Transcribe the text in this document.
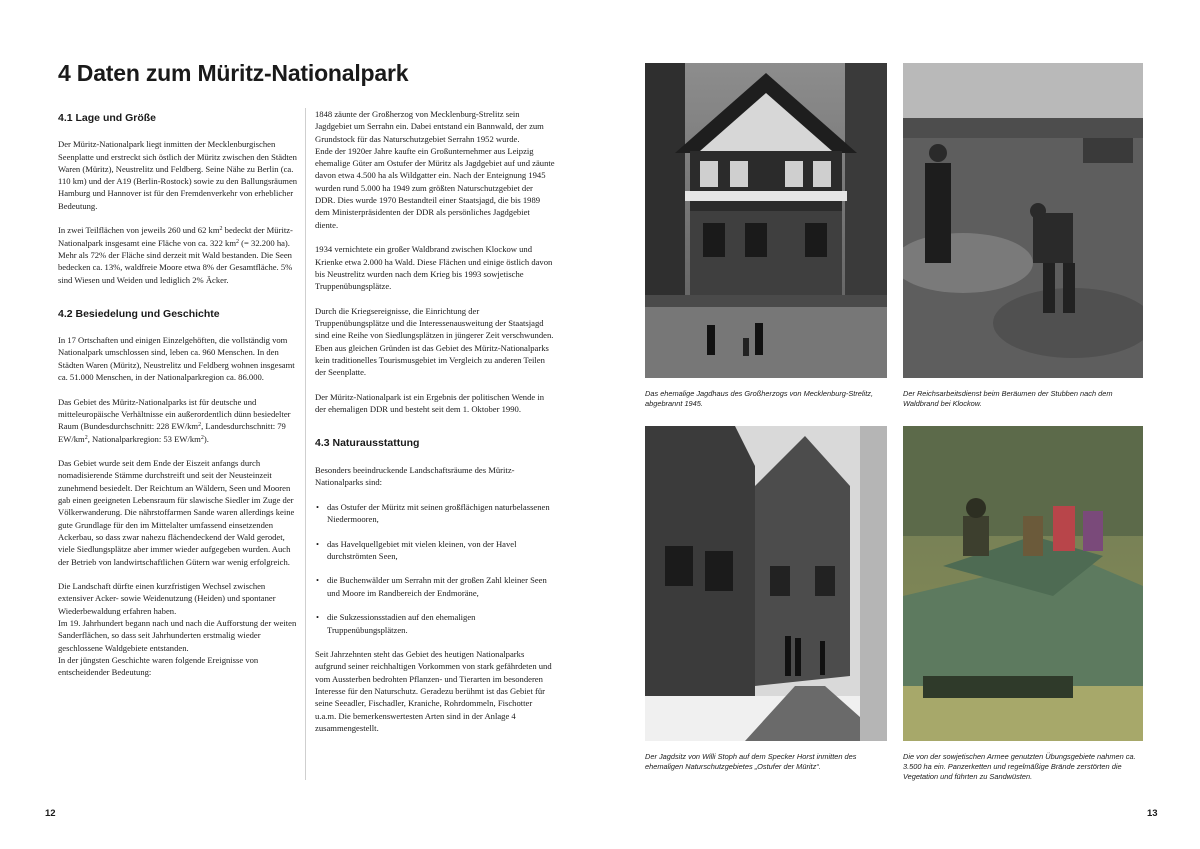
4 Daten zum Müritz-Nationalpark
4.1 Lage und Größe

Der Müritz-Nationalpark liegt inmitten der Mecklenburgischen Seenplatte und erstreckt sich östlich der Müritz zwischen den Städten Waren (Müritz), Neustrelitz und Feldberg. Seine Nähe zu Berlin (ca. 110 km) und der A19 (Berlin-Rostock) sowie zu den Ballungsräumen Hamburg und Hannover ist für den Fremdenverkehr von erheblicher Bedeutung.

In zwei Teilflächen von jeweils 260 und 62 $km^2$ bedeckt der Müritz-Nationalpark insgesamt eine Fläche von ca. 322 $km^2$ (= 32.200 ha). Mehr als 72% der Fläche sind derzeit mit Wald bestanden. Die Seen bedecken ca. 13%, waldfreie Moore etwa 8% der Gesamtfläche. 5% sind Wiesen und Weiden und lediglich 2% Äcker.

4.2 Besiedelung und Geschichte

In 17 Ortschaften und einigen Einzelgehöften, die vollständig vom Nationalpark umschlossen sind, leben ca. 960 Menschen. In den Städten Waren (Müritz), Neustrelitz und Feldberg wohnen insgesamt ca. 51.000 Menschen, in der Nationalparkregion ca. 86.000.

Das Gebiet des Müritz-Nationalparks ist für deutsche und mitteleuropäische Verhältnisse ein außerordentlich dünn besiedelter Raum (Bundesdurchschnitt: 228 $EW/km^2$, Landesdurchschnitt: 79 $EW/km^2$, Nationalparkregion: 53 $EW/km^2$).

Das Gebiet wurde seit dem Ende der Eiszeit anfangs durch nomadisierende Stämme durchstreift und seit der Neusteinzeit zunehmend besiedelt. Der Reichtum an Wäldern, Seen und Mooren gab einen geeigneten Lebensraum für slawische Siedler im Zuge der Völkerwanderung. Die nährstoffarmen Sande waren allerdings keine gute Grundlage für den im Mittelalter umfassend einsetzenden Ackerbau, so dass zwar nahezu flächendeckend der Wald gerodet, viele Siedlungsplätze aber immer wieder aufgegeben wurden. Auch der Betrieb von landwirtschaftlichen Gütern war wenig erfolgreich.

Die Landschaft dürfte einen kurzfristigen Wechsel zwischen extensiver Acker- sowie Weidenutzung (Heiden) und spontaner Wiederbewaldung erfahren haben.
Im 19. Jahrhundert begann nach und nach die Aufforstung der weiten Sanderflächen, so dass seit Jahrhunderten erstmalig wieder geschlossene Waldgebiete entstanden.
In der jüngsten Geschichte waren folgende Ereignisse von entscheidender Bedeutung:

1848 zäunte der Großherzog von Mecklenburg-Strelitz sein Jagdgebiet um Serrahn ein. Dabei entstand ein Bannwald, der zum Grundstock für das Naturschutzgebiet Serrahn 1952 wurde.
Ende der 1920er Jahre kaufte ein Großunternehmer aus Leipzig ehemalige Güter am Ostufer der Müritz als Jagdgebiet auf und zäunte davon etwa 4.500 ha als Wildgatter ein. Nach der Enteignung 1945 wurden rund 5.000 ha 1949 zum größten Naturschutzgebiet der DDR. Dies wurde 1970 Bestandteil einer Staatsjagd, die bis 1989 dem Ministerpräsidenten der DDR als persönliches Jagdgebiet diente.

1934 vernichtete ein großer Waldbrand zwischen Klockow und Krienke etwa 2.000 ha Wald. Diese Flächen und einige östlich davon bis Neustrelitz wurden nach dem Krieg bis 1993 sowjetische Truppenübungsplätze.

Durch die Kriegsereignisse, die Einrichtung der Truppenübungsplätze und die Interessenausweitung der Staatsjagd sind eine Reihe von Siedlungsplätzen in jüngerer Zeit verschwunden. Eben aus gleichen Gründen ist das Gebiet des Müritz-Nationalparks kein traditionelles Tourismusgebiet im Vergleich zu anderen Teilen der Seenplatte.

Der Müritz-Nationalpark ist ein Ergebnis der politischen Wende in der ehemaligen DDR und besteht seit dem 1. Oktober 1990.

4.3 Naturausstattung

Besonders beeindruckende Landschaftsräume des Müritz-Nationalparks sind:

• das Ostufer der Müritz mit seinen großflächigen naturbelassenen Niedermooren,
• das Havelquellgebiet mit vielen kleinen, von der Havel durchströmten Seen,
• die Buchenwälder um Serrahn mit der großen Zahl kleiner Seen und Moore im Randbereich der Endmoräne,
• die Sukzessionsstadien auf den ehemaligen Truppenübungsplätzen.

Seit Jahrzehnten steht das Gebiet des heutigen Nationalparks aufgrund seiner reichhaltigen Vorkommen von stark gefährdeten und vom Aussterben bedrohten Pflanzen- und Tierarten im besonderen Interesse für den Naturschutz. Geradezu berühmt ist das Gebiet für seine Seeadler, Fischadler, Kraniche, Rohrdommeln, Fischotter u.a.m. Die bemerkenswertesten Arten sind in der Anlage 4 zusammengestellt.

Das ehemalige Jagdhaus des Großherzogs von Mecklenburg-Strelitz, abgebrannt 1945.
Der Reichsarbeitsdienst beim Beräumen der Stubben nach dem Waldbrand bei Klockow.
Der Jagdsitz von Willi Stoph auf dem Specker Horst inmitten des ehemaligen Naturschutzgebietes „Ostufer der Müritz“.
Die von der sowjetischen Armee genutzten Übungsgebiete nahmen ca. 3.500 ha ein. Panzerketten und regelmäßige Brände zerstörten die Vegetation und führten zu Sandwüsten.
12	13
